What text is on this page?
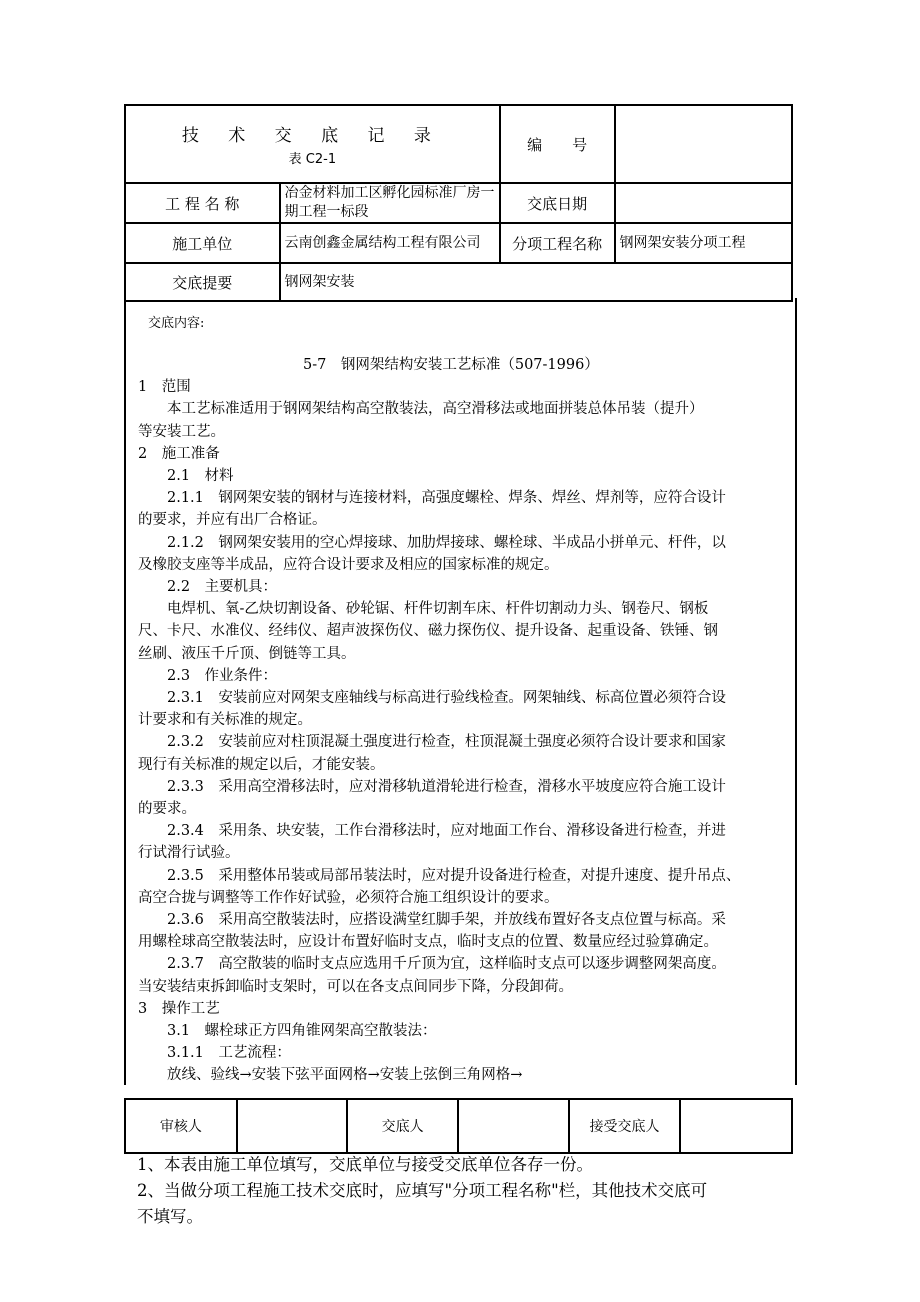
技 术 交 底 记 录
表 C2-1		编　　号	
工 程 名 称	冶金材料加工区孵化园标准厂房一期工程一标段	交底日期	
施工单位	云南创鑫金属结构工程有限公司	分项工程名称	钢网架安装分项工程
交底提要	钢网架安装		
交底内容:
5-7　钢网架结构安装工艺标准（507-1996）
1　范围
　　本工艺标准适用于钢网架结构高空散装法，高空滑移法或地面拼装总体吊装（提升）
等安装工艺。
2　施工准备
　　2.1　材料
　　2.1.1　钢网架安装的钢材与连接材料，高强度螺栓、焊条、焊丝、焊剂等，应符合设计
的要求，并应有出厂合格证。
　　2.1.2　钢网架安装用的空心焊接球、加肋焊接球、螺栓球、半成品小拼单元、杆件，以
及橡胶支座等半成品，应符合设计要求及相应的国家标准的规定。
　　2.2　主要机具：
　　电焊机、氧-乙炔切割设备、砂轮锯、杆件切割车床、杆件切割动力头、钢卷尺、钢板
尺、卡尺、水准仪、经纬仪、超声波探伤仪、磁力探伤仪、提升设备、起重设备、铁锤、钢
丝刷、液压千斤顶、倒链等工具。
　　2.3　作业条件：
　　2.3.1　安装前应对网架支座轴线与标高进行验线检查。网架轴线、标高位置必须符合设
计要求和有关标准的规定。
　　2.3.2　安装前应对柱顶混凝土强度进行检查，柱顶混凝土强度必须符合设计要求和国家
现行有关标准的规定以后，才能安装。
　　2.3.3　采用高空滑移法时，应对滑移轨道滑轮进行检查，滑移水平坡度应符合施工设计
的要求。
　　2.3.4　采用条、块安装，工作台滑移法时，应对地面工作台、滑移设备进行检查，并进
行试滑行试验。
　　2.3.5　采用整体吊装或局部吊装法时，应对提升设备进行检查，对提升速度、提升吊点、
高空合拢与调整等工作作好试验，必须符合施工组织设计的要求。
　　2.3.6　采用高空散装法时，应搭设满堂红脚手架，并放线布置好各支点位置与标高。采
用螺栓球高空散装法时，应设计布置好临时支点，临时支点的位置、数量应经过验算确定。
　　2.3.7　高空散装的临时支点应选用千斤顶为宜，这样临时支点可以逐步调整网架高度。
当安装结束拆卸临时支架时，可以在各支点间同步下降，分段卸荷。
3　操作工艺
　　3.1　螺栓球正方四角锥网架高空散装法：
　　3.1.1　工艺流程：
　　放线、验线→安装下弦平面网格→安装上弦倒三角网格→
审核人		交底人		接受交底人	
1、本表由施工单位填写，交底单位与接受交底单位各存一份。
2、当做分项工程施工技术交底时，应填写"分项工程名称"栏，其他技术交底可
不填写。
